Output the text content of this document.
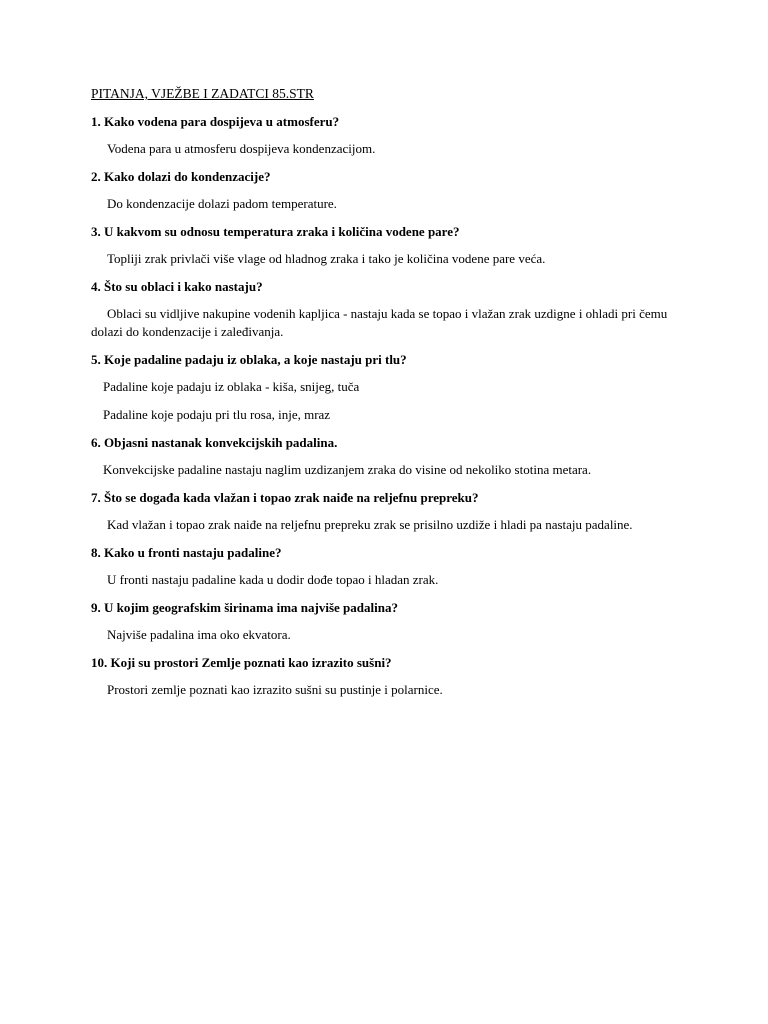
PITANJA, VJEŽBE I ZADATCI 85.STR
1. Kako vodena para dospijeva u atmosferu?
Vodena para u atmosferu dospijeva kondenzacijom.
2. Kako dolazi do kondenzacije?
Do kondenzacije dolazi padom temperature.
3. U kakvom su odnosu temperatura zraka i količina vodene pare?
Topliji zrak privlači više vlage od hladnog zraka i tako je količina vodene pare veća.
4. Što su oblaci i kako nastaju?
Oblaci su vidljive nakupine vodenih kapljica - nastaju kada se topao i vlažan zrak uzdigne i ohladi pri čemu dolazi do kondenzacije i zaleđivanja.
5. Koje padaline padaju iz oblaka, a koje nastaju pri tlu?
Padaline koje padaju iz oblaka - kiša, snijeg, tuča
Padaline koje podaju pri tlu rosa, inje, mraz
6. Objasni nastanak konvekcijskih padalina.
Konvekcijske padaline nastaju naglim uzdizanjem zraka do visine od nekoliko stotina metara.
7. Što se događa kada vlažan i topao zrak naiđe na reljefnu prepreku?
Kad vlažan i topao zrak naiđe na reljefnu prepreku zrak se prisilno uzdiže i hladi pa nastaju padaline.
8. Kako u fronti nastaju padaline?
U fronti nastaju padaline kada u dodir dođe topao i hladan zrak.
9. U kojim geografskim širinama ima najviše padalina?
Najviše padalina ima oko ekvatora.
10. Koji su prostori Zemlje poznati kao izrazito sušni?
Prostori zemlje poznati kao izrazito sušni su pustinje i polarnice.
